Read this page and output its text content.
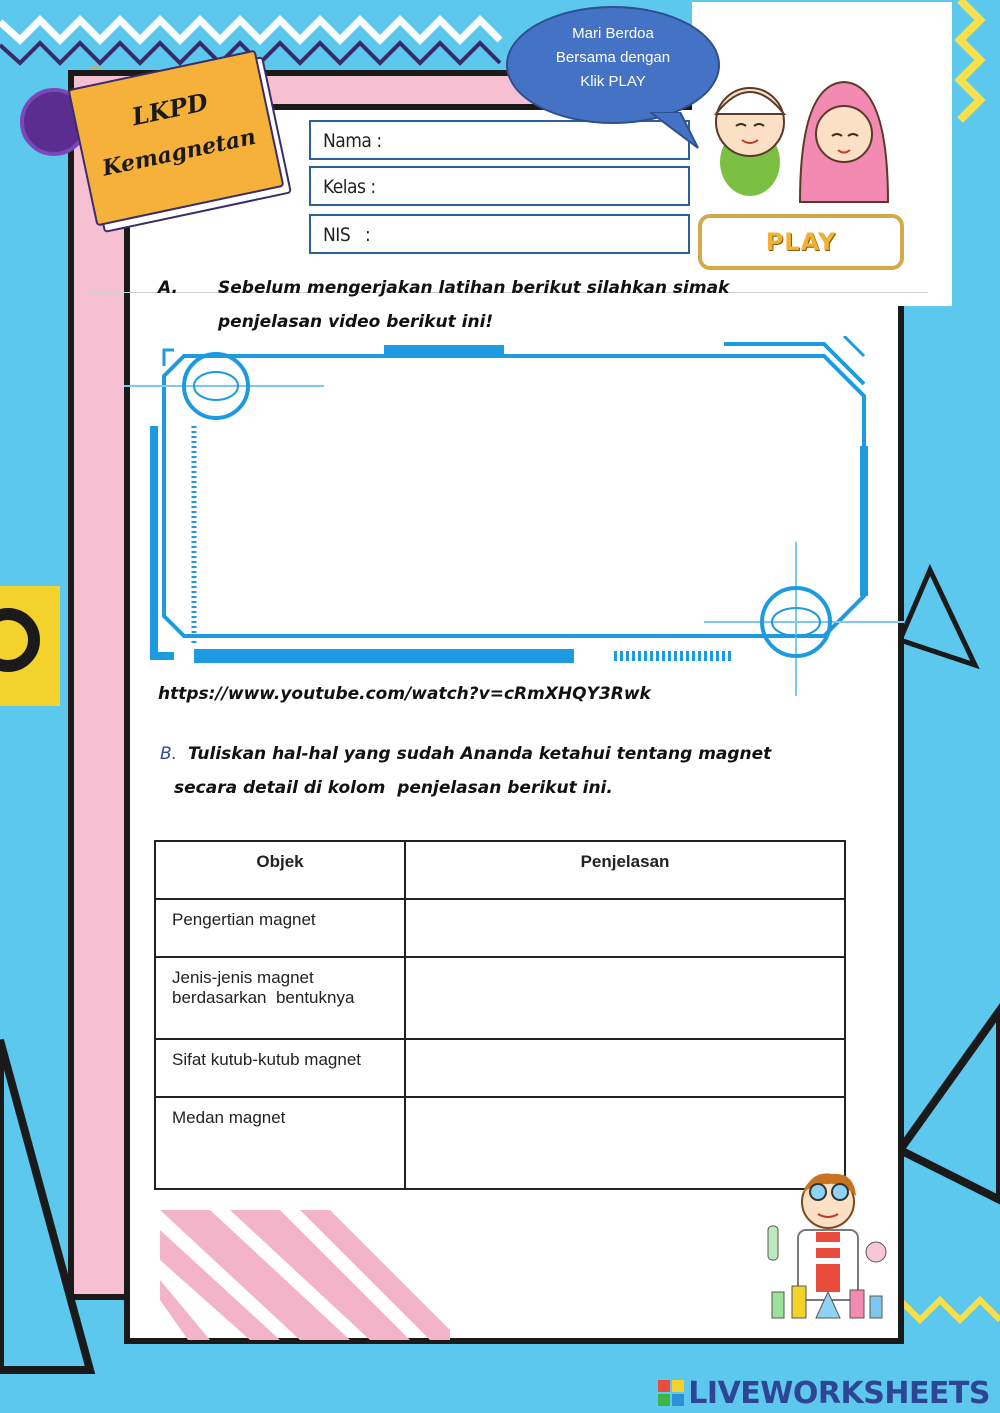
LKPD
Kemagnetan	Nama :
Kelas :
NIS   :
Mari Berdoa
Bersama dengan
Klik PLAY
PLAY
A. Sebelum mengerjakan latihan berikut silahkan simak
penjelasan video berikut ini!
https://www.youtube.com/watch?v=cRmXHQY3Rwk
B. Tuliskan hal-hal yang sudah Ananda ketahui tentang magnet
secara detail di kolom  penjelasan berikut ini.
Objek	Penjelasan
Pengertian magnet	

Jenis-jenis magnet
berdasarkan  bentuknya	

Sifat kutub-kutub magnet	
Medan magnet	
LIVEWORKSHEETS
